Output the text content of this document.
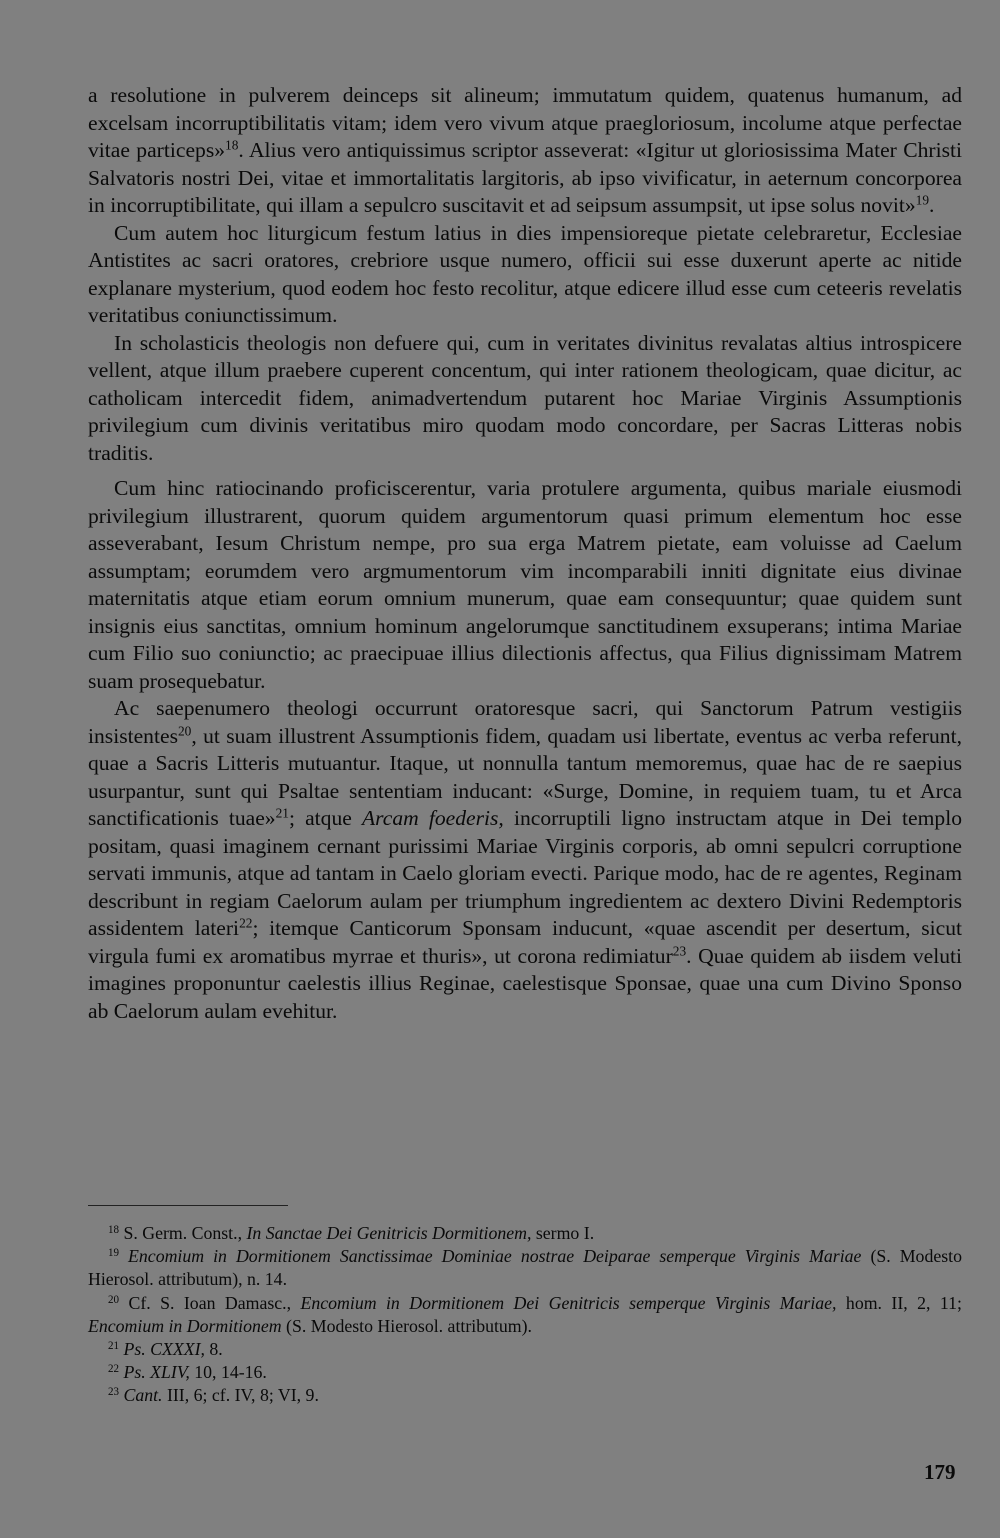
a resolutione in pulverem deinceps sit alineum; immutatum quidem, quatenus humanum, ad excelsam incorruptibilitatis vitam; idem vero vivum atque praegloriosum, incolume atque perfectae vitae particeps»$^{18}$. Alius vero antiquissimus scriptor asseverat: «Igitur ut gloriosissima Mater Christi Salvatoris nostri Dei, vitae et immortalitatis largitoris, ab ipso vivificatur, in aeternum concorporea in incorruptibilitate, qui illam a sepulcro suscitavit et ad seipsum assumpsit, ut ipse solus novit»$^{19}$.

Cum autem hoc liturgicum festum latius in dies impensioreque pietate celebraretur, Ecclesiae Antistites ac sacri oratores, crebriore usque numero, officii sui esse duxerunt aperte ac nitide explanare mysterium, quod eodem hoc festo recolitur, atque edicere illud esse cum ceteeris revelatis veritatibus coniunctissimum.

In scholasticis theologis non defuere qui, cum in veritates divinitus revalatas altius introspicere vellent, atque illum praebere cuperent concentum, qui inter rationem theologicam, quae dicitur, ac catholicam intercedit fidem, animadvertendum putarent hoc Mariae Virginis Assumptionis privilegium cum divinis veritatibus miro quodam modo concordare, per Sacras Litteras nobis traditis.

Cum hinc ratiocinando proficiscerentur, varia protulere argumenta, quibus mariale eiusmodi privilegium illustrarent, quorum quidem argumentorum quasi primum elementum hoc esse asseverabant, Iesum Christum nempe, pro sua erga Matrem pietate, eam voluisse ad Caelum assumptam; eorumdem vero argmumentorum vim incomparabili inniti dignitate eius divinae maternitatis atque etiam eorum omnium munerum, quae eam consequuntur; quae quidem sunt insignis eius sanctitas, omnium hominum angelorumque sanctitudinem exsuperans; intima Mariae cum Filio suo coniunctio; ac praecipuae illius dilectionis affectus, qua Filius dignissimam Matrem suam prosequebatur.

Ac saepenumero theologi occurrunt oratoresque sacri, qui Sanctorum Patrum vestigiis insistentes$^{20}$, ut suam illustrent Assumptionis fidem, quadam usi libertate, eventus ac verba referunt, quae a Sacris Litteris mutuantur. Itaque, ut nonnulla tantum memoremus, quae hac de re saepius usurpantur, sunt qui Psaltae sententiam inducant: «Surge, Domine, in requiem tuam, tu et Arca sanctificationis tuae»$^{21}$; atque Arcam foederis, incorruptili ligno instructam atque in Dei templo positam, quasi imaginem cernant purissimi Mariae Virginis corporis, ab omni sepulcri corruptione servati immunis, atque ad tantam in Caelo gloriam evecti. Parique modo, hac de re agentes, Reginam describunt in regiam Caelorum aulam per triumphum ingredientem ac dextero Divini Redemptoris assidentem lateri$^{22}$; itemque Canticorum Sponsam inducunt, «quae ascendit per desertum, sicut virgula fumi ex aromatibus myrrae et thuris», ut corona redimiatur$^{23}$. Quae quidem ab iisdem veluti imagines proponuntur caelestis illius Reginae, caelestisque Sponsae, quae una cum Divino Sponso ab Caelorum aulam evehitur.

$^{18}$ S. Germ. Const., In Sanctae Dei Genitricis Dormitionem, sermo I.

$^{19}$ Encomium in Dormitionem Sanctissimae Dominiae nostrae Deiparae semperque Virginis Mariae (S. Modesto Hierosol. attributum), n. 14.

$^{20}$ Cf. S. Ioan Damasc., Encomium in Dormitionem Dei Genitricis semperque Virginis Mariae, hom. II, 2, 11; Encomium in Dormitionem (S. Modesto Hierosol. attributum).

$^{21}$ Ps. CXXXI, 8.

$^{22}$ Ps. XLIV, 10, 14-16.

$^{23}$ Cant. III, 6; cf. IV, 8; VI, 9.

179
